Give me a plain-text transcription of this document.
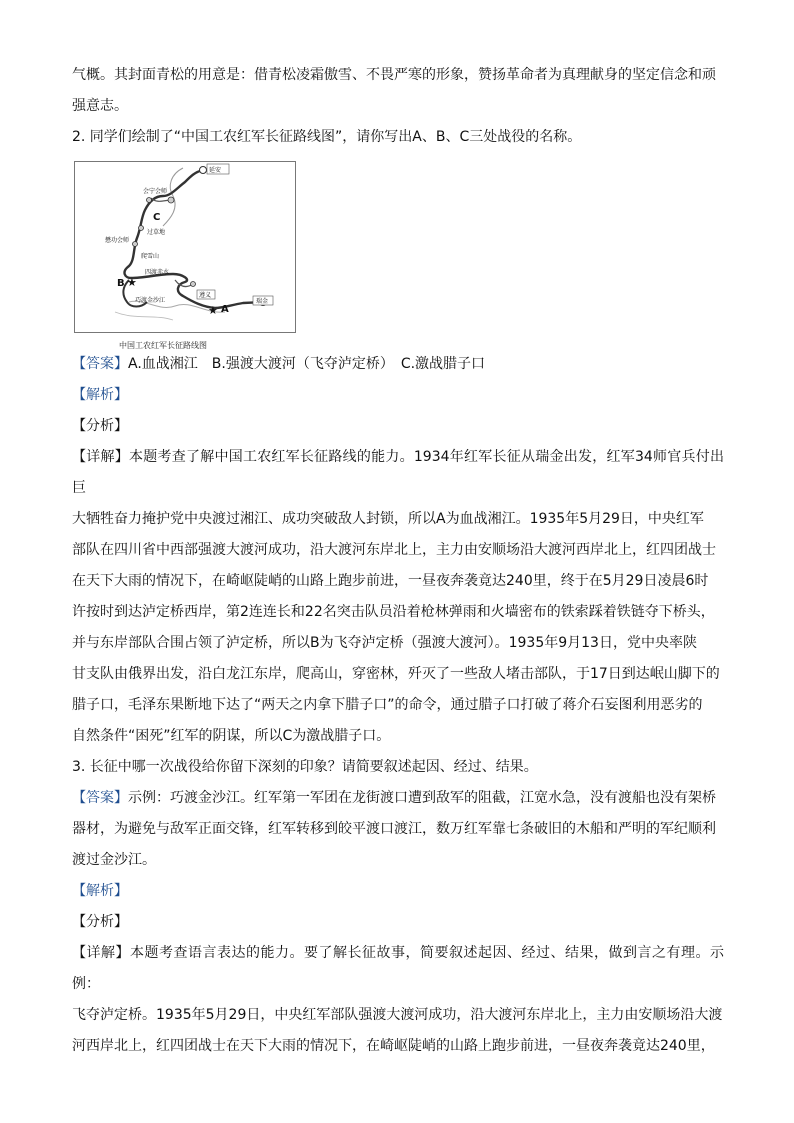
气概。其封面青松的用意是：借青松凌霜傲雪、不畏严寒的形象，赞扬革命者为真理献身的坚定信念和顽

强意志。

2. 同学们绘制了“中国工农红军长征路线图”，请你写出A、B、C三处战役的名称。

★
★
延安
会宁会师
C
过草地
懋功会师
爬雪山
B
四渡赤水
遵义
巧渡金沙江
A
瑞金
中国工农红军长征路线图

【答案】A.血战湘江　B.强渡大渡河（飞夺泸定桥）　C.激战腊子口

【解析】

【分析】

【详解】本题考查了解中国工农红军长征路线的能力。1934年红军长征从瑞金出发，红军34师官兵付出巨

大牺牲奋力掩护党中央渡过湘江、成功突破敌人封锁，所以A为血战湘江。1935年5月29日，中央红军

部队在四川省中西部强渡大渡河成功，沿大渡河东岸北上，主力由安顺场沿大渡河西岸北上，红四团战士

在天下大雨的情况下，在崎岖陡峭的山路上跑步前进，一昼夜奔袭竟达240里，终于在5月29日凌晨6时

许按时到达泸定桥西岸，第2连连长和22名突击队员沿着枪林弹雨和火墙密布的铁索踩着铁链夺下桥头，

并与东岸部队合围占领了泸定桥，所以B为飞夺泸定桥（强渡大渡河）。1935年9月13日，党中央率陕

甘支队由俄界出发，沿白龙江东岸，爬高山，穿密林，歼灭了一些敌人堵击部队，于17日到达岷山脚下的

腊子口，毛泽东果断地下达了“两天之内拿下腊子口”的命令，通过腊子口打破了蒋介石妄图利用恶劣的

自然条件“困死”红军的阴谋，所以C为激战腊子口。

3. 长征中哪一次战役给你留下深刻的印象？请简要叙述起因、经过、结果。

【答案】示例：巧渡金沙江。红军第一军团在龙街渡口遭到敌军的阻截，江宽水急，没有渡船也没有架桥

器材，为避免与敌军正面交锋，红军转移到皎平渡口渡江，数万红军靠七条破旧的木船和严明的军纪顺利

渡过金沙江。

【解析】

【分析】

【详解】本题考查语言表达的能力。要了解长征故事，简要叙述起因、经过、结果，做到言之有理。示例：

飞夺泸定桥。1935年5月29日，中央红军部队强渡大渡河成功，沿大渡河东岸北上，主力由安顺场沿大渡

河西岸北上，红四团战士在天下大雨的情况下，在崎岖陡峭的山路上跑步前进，一昼夜奔袭竟达240里，
